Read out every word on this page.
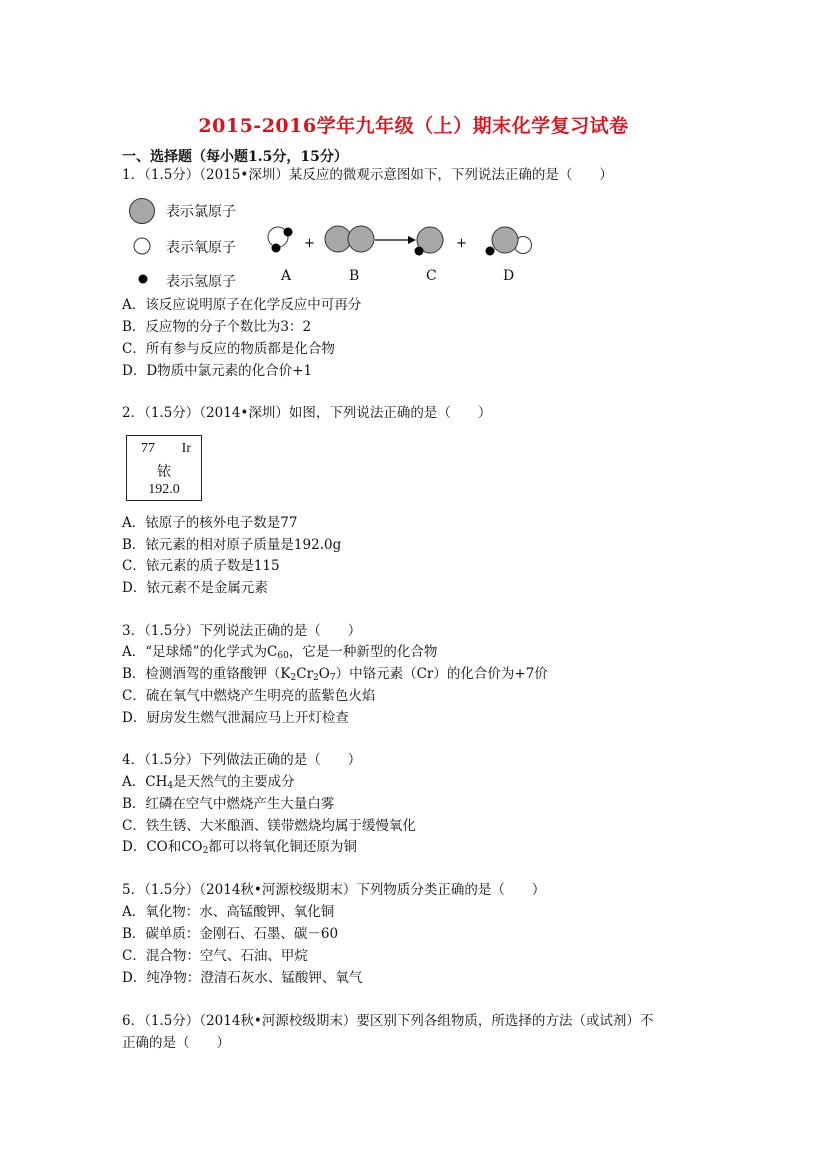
2015-2016学年九年级（上）期末化学复习试卷
一、选择题（每小题1.5分，15分）
1．（1.5分）（2015•深圳）某反应的微观示意图如下，下列说法正确的是（　　）
表示氯原子
表示氧原子
表示氢原子
+	+
A	B	C	D
A．该反应说明原子在化学反应中可再分
B．反应物的分子个数比为3：2
C．所有参与反应的物质都是化合物
D．D物质中氯元素的化合价+1
2．（1.5分）（2014•深圳）如图，下列说法正确的是（　　）
77 Ir
铱
192.0
A．铱原子的核外电子数是77
B．铱元素的相对原子质量是192.0g
C．铱元素的质子数是115
D．铱元素不是金属元素
3．（1.5分）下列说法正确的是（　　）
A．“足球烯”的化学式为$C_{60}$，它是一种新型的化合物
B．检测酒驾的重铬酸钾$(K_2Cr_2O_7)$中铬元素（Cr）的化合价为+7价
C．硫在氧气中燃烧产生明亮的蓝紫色火焰
D．厨房发生燃气泄漏应马上开灯检查
4．（1.5分）下列做法正确的是（　　）
A．$CH_4$是天然气的主要成分
B．红磷在空气中燃烧产生大量白雾
C．铁生锈、大米酿酒、镁带燃烧均属于缓慢氧化
D．CO和$CO_2$都可以将氧化铜还原为铜
5．（1.5分）（2014秋•河源校级期末）下列物质分类正确的是（　　）
A．氧化物：水、高锰酸钾、氧化铜
B．碳单质：金刚石、石墨、碳－60
C．混合物：空气、石油、甲烷
D．纯净物：澄清石灰水、锰酸钾、氧气
6．（1.5分）（2014秋•河源校级期末）要区别下列各组物质，所选择的方法（或试剂）不
正确的是（　　）
